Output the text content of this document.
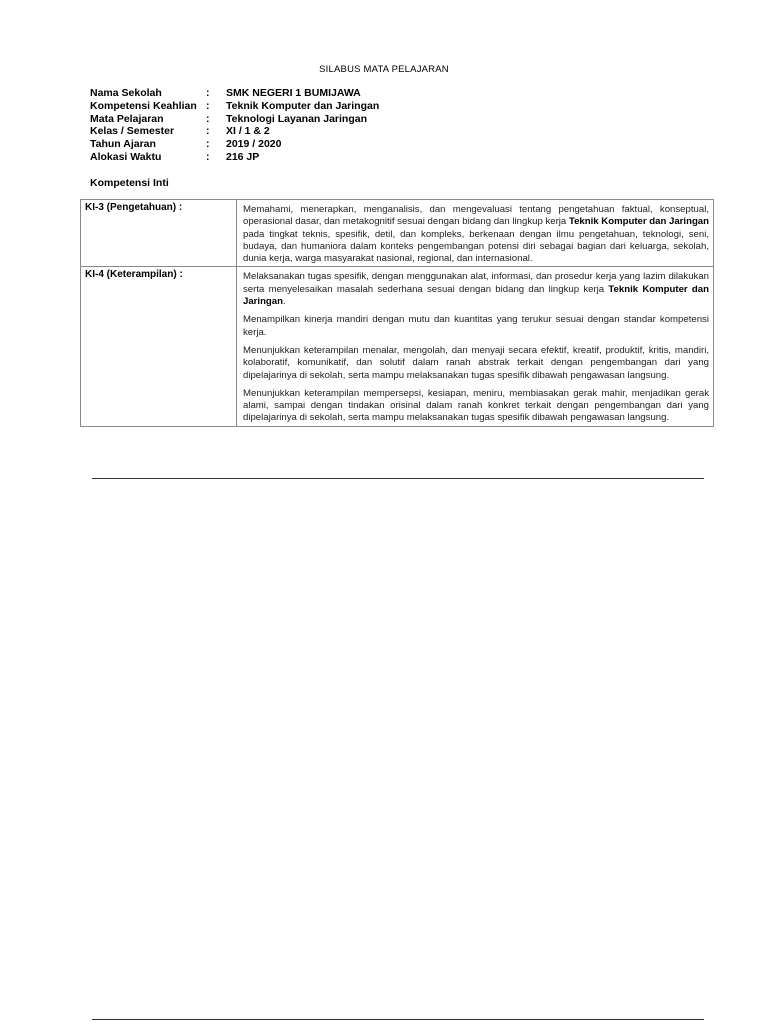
SILABUS MATA PELAJARAN
Nama Sekolah	:	SMK NEGERI 1 BUMIJAWA
Kompetensi Keahlian :	Teknik Komputer dan Jaringan
Mata Pelajaran	:	Teknologi Layanan Jaringan
Kelas / Semester	:	XI / 1 & 2
Tahun Ajaran	:	2019 / 2020
Alokasi Waktu	:	216 JP
Kompetensi Inti
KI-3 (Pengetahuan) :	Memahami, menerapkan, menganalisis, dan mengevaluasi tentang pengetahuan faktual, konseptual, operasional dasar, dan metakognitif sesuai dengan bidang dan lingkup kerja Teknik Komputer dan Jaringan pada tingkat teknis, spesifik, detil, dan kompleks, berkenaan dengan ilmu pengetahuan, teknologi, seni, budaya, dan humaniora dalam konteks pengembangan potensi diri sebagai bagian dari keluarga, sekolah, dunia kerja, warga masyarakat nasional, regional, dan internasional.

KI-4 (Keterampilan) :	Melaksanakan tugas spesifik, dengan menggunakan alat, informasi, dan prosedur kerja yang lazim dilakukan serta menyelesaikan masalah sederhana sesuai dengan bidang dan lingkup kerja Teknik Komputer dan Jaringan.

Menampilkan kinerja mandiri dengan mutu dan kuantitas yang terukur sesuai dengan standar kompetensi kerja.

Menunjukkan keterampilan menalar, mengolah, dan menyaji secara efektif, kreatif, produktif, kritis, mandiri, kolaboratif, komunikatif, dan solutif dalam ranah abstrak terkait dengan pengembangan dari yang dipelajarinya di sekolah, serta mampu melaksanakan tugas spesifik dibawah pengawasan langsung.

Menunjukkan keterampilan mempersepsi, kesiapan, meniru, membiasakan gerak mahir, menjadikan gerak alami, sampai dengan tindakan orisinal dalam ranah konkret terkait dengan pengembangan dari yang dipelajarinya di sekolah, serta mampu melaksanakan tugas spesifik dibawah pengawasan langsung.
